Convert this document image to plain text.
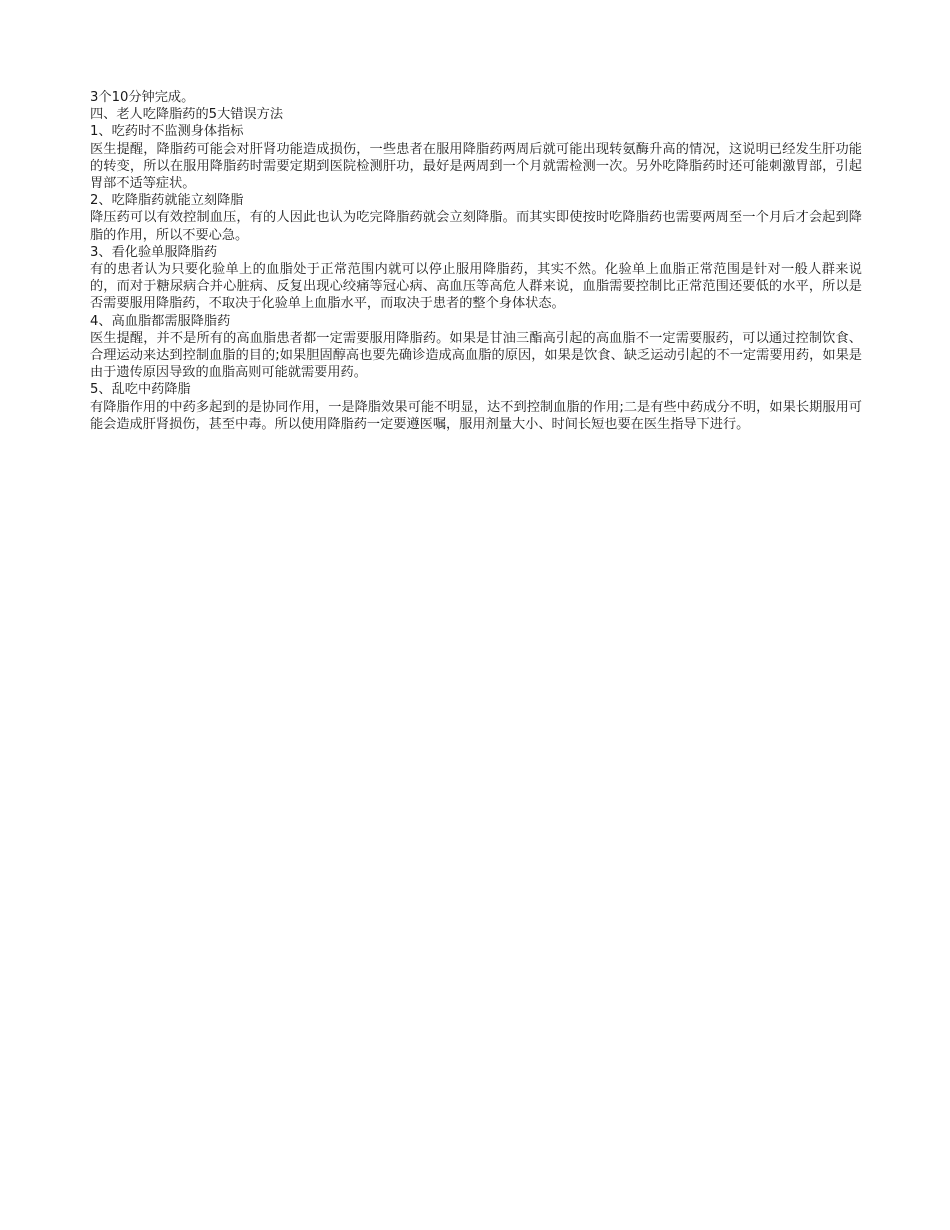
3个10分钟完成。

四、老人吃降脂药的5大错误方法

1、吃药时不监测身体指标

医生提醒，降脂药可能会对肝肾功能造成损伤，一些患者在服用降脂药两周后就可能出现转氨酶升高的情况，这说明已经发生肝功能的转变，所以在服用降脂药时需要定期到医院检测肝功，最好是两周到一个月就需检测一次。另外吃降脂药时还可能刺激胃部，引起胃部不适等症状。

2、吃降脂药就能立刻降脂

降压药可以有效控制血压，有的人因此也认为吃完降脂药就会立刻降脂。而其实即使按时吃降脂药也需要两周至一个月后才会起到降脂的作用，所以不要心急。

3、看化验单服降脂药

有的患者认为只要化验单上的血脂处于正常范围内就可以停止服用降脂药，其实不然。化验单上血脂正常范围是针对一般人群来说的，而对于糖尿病合并心脏病、反复出现心绞痛等冠心病、高血压等高危人群来说，血脂需要控制比正常范围还要低的水平，所以是否需要服用降脂药，不取决于化验单上血脂水平，而取决于患者的整个身体状态。

4、高血脂都需服降脂药

医生提醒，并不是所有的高血脂患者都一定需要服用降脂药。如果是甘油三酯高引起的高血脂不一定需要服药，可以通过控制饮食、合理运动来达到控制血脂的目的;如果胆固醇高也要先确诊造成高血脂的原因，如果是饮食、缺乏运动引起的不一定需要用药，如果是由于遗传原因导致的血脂高则可能就需要用药。

5、乱吃中药降脂

有降脂作用的中药多起到的是协同作用，一是降脂效果可能不明显，达不到控制血脂的作用;二是有些中药成分不明，如果长期服用可能会造成肝肾损伤，甚至中毒。所以使用降脂药一定要遵医嘱，服用剂量大小、时间长短也要在医生指导下进行。
